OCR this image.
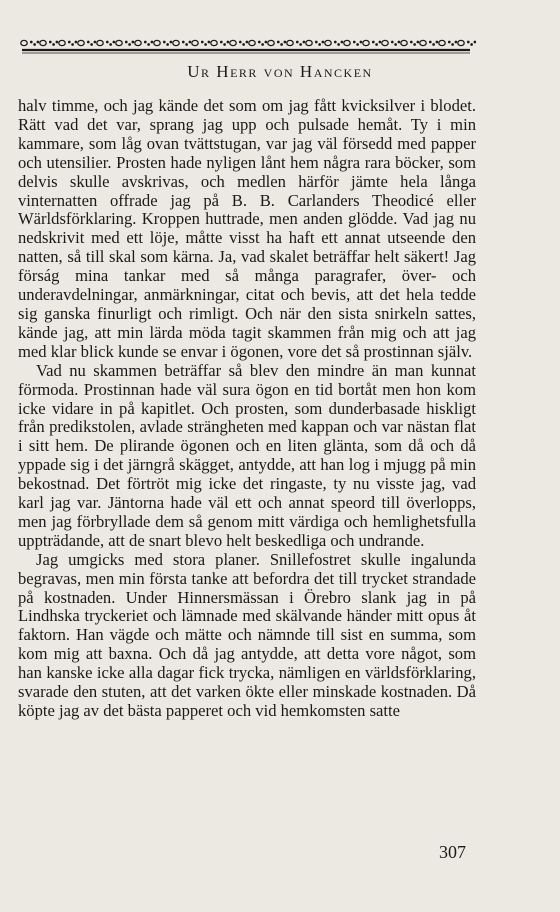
Ur Herr von Hancken

halv timme, och jag kände det som om jag fått kvicksilver i blodet. Rätt vad det var, sprang jag upp och pulsade hemåt. Ty i min kammare, som låg ovan tvättstugan, var jag väl försedd med papper och utensilier. Prosten hade nyligen lånt hem några rara böcker, som delvis skulle avskrivas, och medlen härför jämte hela långa vinternatten offrade jag på B. B. Carlanders Theodicé eller Wärldsförklaring. Kroppen huttrade, men anden glödde. Vad jag nu nedskrivit med ett löje, måtte visst ha haft ett annat utseende den natten, så till skal som kärna. Ja, vad skalet beträffar helt säkert! Jag förság mina tankar med så många paragrafer, över- och underavdelningar, anmärkningar, citat och bevis, att det hela tedde sig ganska finurligt och rimligt. Och när den sista snirkeln sattes, kände jag, att min lärda möda tagit skammen från mig och att jag med klar blick kunde se envar i ögonen, vore det så prostinnan själv.

Vad nu skammen beträffar så blev den mindre än man kunnat förmoda. Prostinnan hade väl sura ögon en tid bortåt men hon kom icke vidare in på kapitlet. Och prosten, som dunderbasade hiskligt från predikstolen, avlade strängheten med kappan och var nästan flat i sitt hem. De plirande ögonen och en liten glänta, som då och då yppade sig i det järngrå skägget, antydde, att han log i mjugg på min bekostnad. Det förtröt mig icke det ringaste, ty nu visste jag, vad karl jag var. Jäntorna hade väl ett och annat speord till överlopps, men jag förbryllade dem så genom mitt värdiga och hemlighetsfulla uppträdande, att de snart blevo helt beskedliga och undrande.

Jag umgicks med stora planer. Snillefostret skulle ingalunda begravas, men min första tanke att befordra det till trycket strandade på kostnaden. Under Hinnersmässan i Örebro slank jag in på Lindhska tryckeriet och lämnade med skälvande händer mitt opus åt faktorn. Han vägde och mätte och nämnde till sist en summa, som kom mig att baxna. Och då jag antydde, att detta vore något, som han kanske icke alla dagar fick trycka, nämligen en världsförklaring, svarade den stuten, att det varken ökte eller minskade kostnaden. Då köpte jag av det bästa papperet och vid hemkomsten satte

307
